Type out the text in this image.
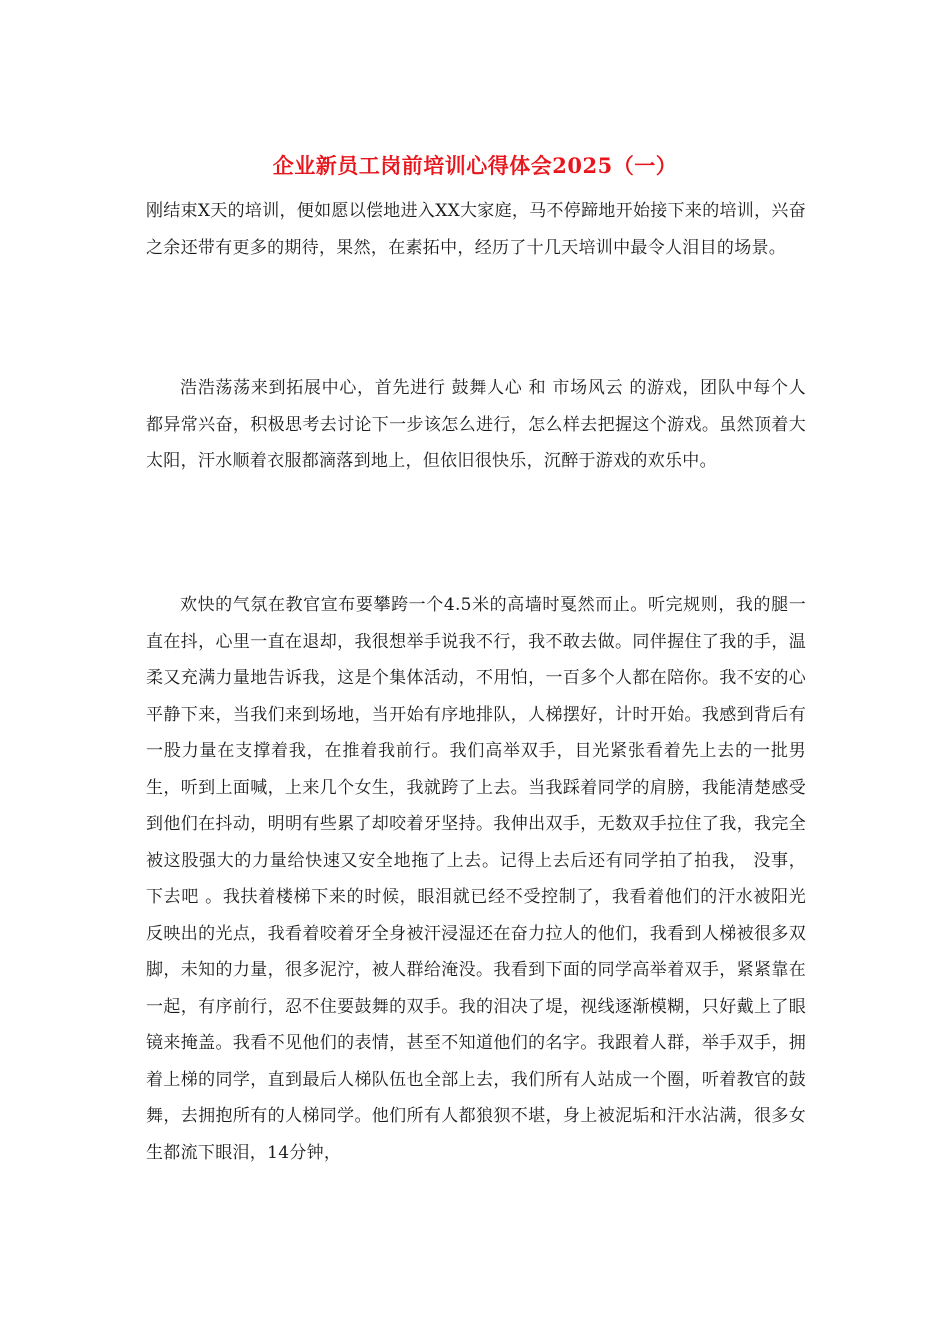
企业新员工岗前培训心得体会2025（一）

刚结束X天的培训，便如愿以偿地进入XX大家庭，马不停蹄地开始接下来的培训，兴奋之余还带有更多的期待，果然，在素拓中，经历了十几天培训中最令人泪目的场景。

浩浩荡荡来到拓展中心，首先进行 鼓舞人心 和 市场风云 的游戏，团队中每个人都异常兴奋，积极思考去讨论下一步该怎么进行，怎么样去把握这个游戏。虽然顶着大太阳，汗水顺着衣服都滴落到地上，但依旧很快乐，沉醉于游戏的欢乐中。

欢快的气氛在教官宣布要攀跨一个4.5米的高墙时戛然而止。听完规则，我的腿一直在抖，心里一直在退却，我很想举手说我不行，我不敢去做。同伴握住了我的手，温柔又充满力量地告诉我，这是个集体活动，不用怕，一百多个人都在陪你。我不安的心平静下来，当我们来到场地，当开始有序地排队，人梯摆好，计时开始。我感到背后有一股力量在支撑着我，在推着我前行。我们高举双手，目光紧张看着先上去的一批男生，听到上面喊，上来几个女生，我就跨了上去。当我踩着同学的肩膀，我能清楚感受到他们在抖动，明明有些累了却咬着牙坚持。我伸出双手，无数双手拉住了我，我完全被这股强大的力量给快速又安全地拖了上去。记得上去后还有同学拍了拍我， 没事，下去吧 。我扶着楼梯下来的时候，眼泪就已经不受控制了，我看着他们的汗水被阳光反映出的光点，我看着咬着牙全身被汗浸湿还在奋力拉人的他们，我看到人梯被很多双脚，未知的力量，很多泥泞，被人群给淹没。我看到下面的同学高举着双手，紧紧靠在一起，有序前行，忍不住要鼓舞的双手。我的泪决了堤，视线逐渐模糊，只好戴上了眼镜来掩盖。我看不见他们的表情，甚至不知道他们的名字。我跟着人群，举手双手，拥着上梯的同学，直到最后人梯队伍也全部上去，我们所有人站成一个圈，听着教官的鼓舞，去拥抱所有的人梯同学。他们所有人都狼狈不堪，身上被泥垢和汗水沾满，很多女生都流下眼泪，14分钟，
